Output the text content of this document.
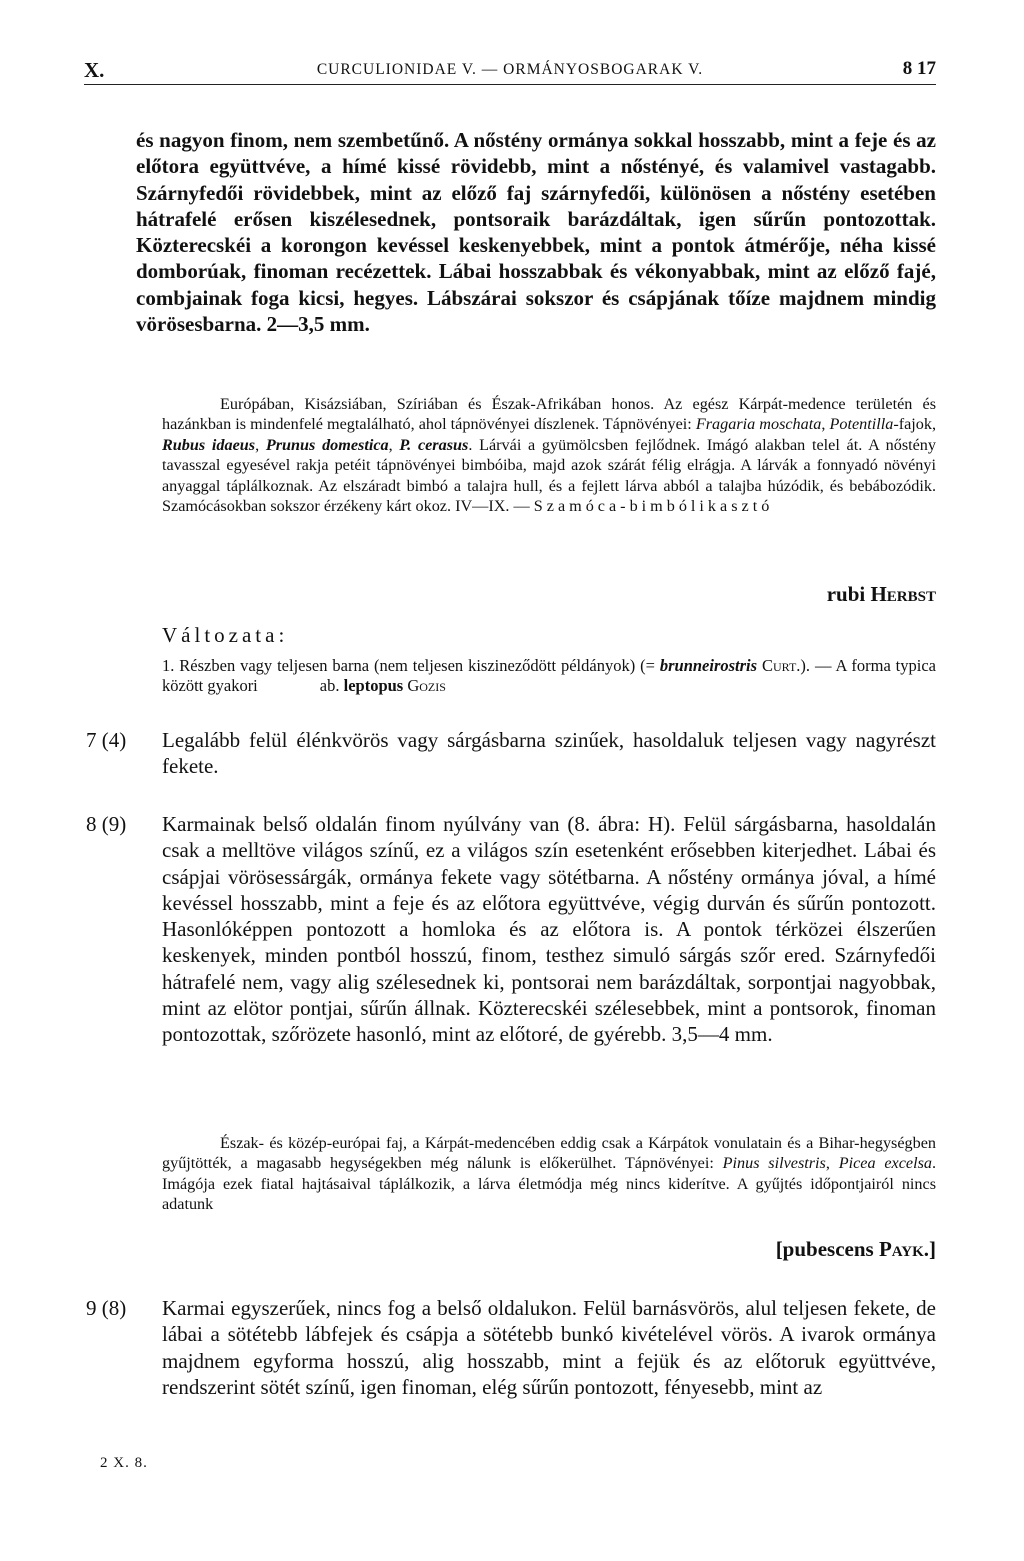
X.	CURCULIONIDAE V. — ORMÁNYOSBOGARAK V.	8 17
és nagyon finom, nem szembetűnő. A nőstény ormánya sokkal hosszabb, mint a feje és az előtora együttvéve, a hímé kissé rövidebb, mint a nőstényé, és valamivel vastagabb. Szárnyfedői rövidebbek, mint az előző faj szárnyfedői, különösen a nőstény esetében hátrafelé erősen kiszélesednek, pontsoraik barázdáltak, igen sűrűn pontozottak. Közterecskéi a korongon kevéssel keskenyebbek, mint a pontok átmérője, néha kissé domborúak, finoman recézettek. Lábai hosszabbak és vékonyabbak, mint az előző fajé, combjainak foga kicsi, hegyes. Lábszárai sokszor és csápjának tőíze majdnem mindig vörösesbarna. 2—3,5 mm.
Európában, Kisázsiában, Szíriában és Észak-Afrikában honos. Az egész Kárpát-medence területén és hazánkban is mindenfelé megtalálható, ahol tápnövényei díszlenek. Tápnövényei: Fragaria moschata, Potentilla-fajok, Rubus idaeus, Prunus domestica, P. cerasus. Lárvái a gyümölcsben fejlődnek. Imágó alakban telel át. A nőstény tavasszal egyesével rakja petéit tápnövényei bimbóiba, majd azok szárát félig elrágja. A lárvák a fonnyadó növényi anyaggal táplálkoznak. Az elszáradt bimbó a talajra hull, és a fejlett lárva abból a talajba húzódik, és bebábozódik. Szamócásokban sokszor érzékeny kárt okoz. IV—IX. — Szamóca-bimbólikasztó
rubi Herbst
Változata:
1. Részben vagy teljesen barna (nem teljesen kiszineződött példányok) (= brunneirostris Curt.). — A forma typica között gyakori	ab. leptopus Gozis
7 (4)	Legalább felül élénkvörös vagy sárgásbarna szinűek, hasoldaluk teljesen vagy nagyrészt fekete.
8 (9)	Karmainak belső oldalán finom nyúlvány van (8. ábra: H). Felül sárgásbarna, hasoldalán csak a melltöve világos színű, ez a világos szín esetenként erősebben kiterjedhet. Lábai és csápjai vörösessárgák, ormánya fekete vagy sötétbarna. A nőstény ormánya jóval, a hímé kevéssel hosszabb, mint a feje és az előtora együttvéve, végig durván és sűrűn pontozott. Hasonlóképpen pontozott a homloka és az előtora is. A pontok térközei élszerűen keskenyek, minden pontból hosszú, finom, testhez simuló sárgás szőr ered. Szárnyfedői hátrafelé nem, vagy alig szélesednek ki, pontsorai nem barázdáltak, sorpontjai nagyobbak, mint az elötor pontjai, sűrűn állnak. Közterecskéi szélesebbek, mint a pontsorok, finoman pontozottak, szőrözete hasonló, mint az előtoré, de gyérebb. 3,5—4 mm.
Észak- és közép-európai faj, a Kárpát-medencében eddig csak a Kárpátok vonulatain és a Bihar-hegységben gyűjtötték, a magasabb hegységekben még nálunk is előkerülhet. Tápnövényei: Pinus silvestris, Picea excelsa. Imágója ezek fiatal hajtásaival táplálkozik, a lárva életmódja még nincs kiderítve. A gyűjtés időpontjairól nincs adatunk
[pubescens Payk.]
9 (8)	Karmai egyszerűek, nincs fog a belső oldalukon. Felül barnásvörös, alul teljesen fekete, de lábai a sötétebb lábfejek és csápja a sötétebb bunkó kivételével vörös. A ivarok ormánya majdnem egyforma hosszú, alig hosszabb, mint a fejük és az előtoruk együttvéve, rendszerint sötét színű, igen finoman, elég sűrűn pontozott, fényesebb, mint az
2 X. 8.
